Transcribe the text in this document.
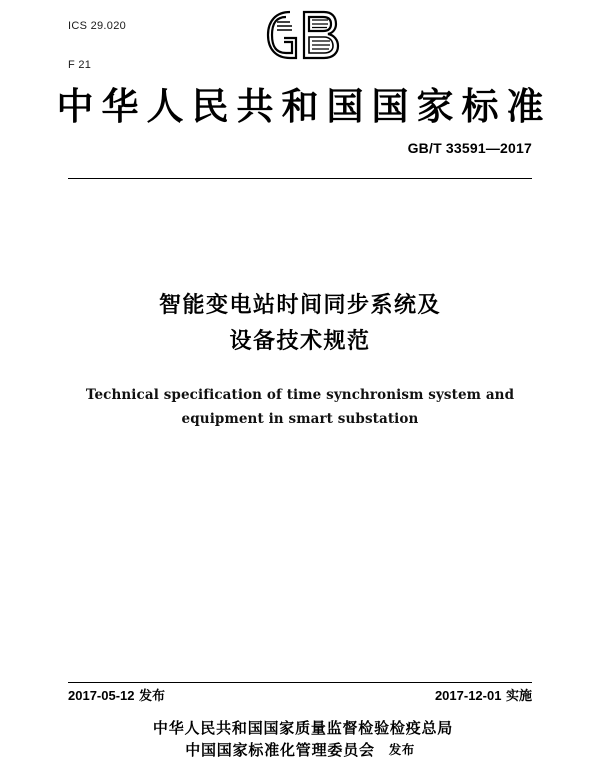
ICS 29.020

F 21

中华人民共和国国家标准
GB/T 33591—2017
智能变电站时间同步系统及
设备技术规范
Technical specification of time synchronism system and
equipment in smart substation
2017-05-12 发布	2017-12-01 实施
中华人民共和国国家质量监督检验检疫总局
中国国家标准化管理委员会 发布
